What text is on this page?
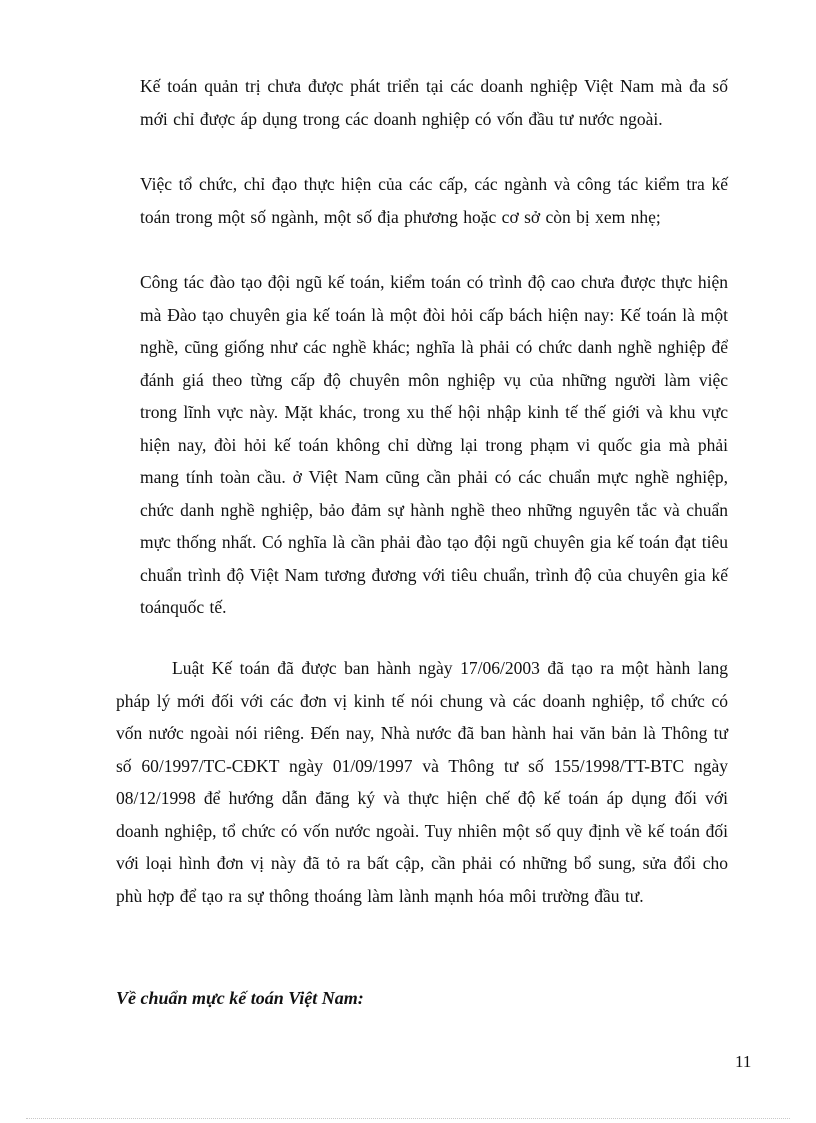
Kế toán quản trị chưa được phát triển tại các doanh nghiệp Việt Nam mà đa số mới chỉ được áp dụng trong các doanh nghiệp có vốn đầu tư nước ngoài.

Việc tổ chức, chỉ đạo thực hiện của các cấp, các ngành và công tác kiểm tra kế toán trong một số ngành, một số địa phương hoặc cơ sở còn bị xem nhẹ;

Công tác đào tạo đội ngũ kế toán, kiểm toán có trình độ cao chưa được thực hiện mà Đào tạo chuyên gia kế toán là một đòi hỏi cấp bách hiện nay: Kế toán là một nghề, cũng giống như các nghề khác; nghĩa là phải có chức danh nghề nghiệp để đánh giá theo từng cấp độ chuyên môn nghiệp vụ của những người làm việc trong lĩnh vực này. Mặt khác, trong xu thế hội nhập kinh tế thế giới và khu vực hiện nay, đòi hỏi kế toán không chỉ dừng lại trong phạm vi quốc gia mà phải mang tính toàn cầu. ở Việt Nam cũng cần phải có các chuẩn mực nghề nghiệp, chức danh nghề nghiệp, bảo đảm sự hành nghề theo những nguyên tắc và chuẩn mực thống nhất. Có nghĩa là cần phải đào tạo đội ngũ chuyên gia kế toán đạt tiêu chuẩn trình độ Việt Nam tương đương với tiêu chuẩn, trình độ của chuyên gia kế toánquốc tế.

Luật Kế toán đã được ban hành ngày 17/06/2003 đã tạo ra một hành lang pháp lý mới đối với các đơn vị kinh tế nói chung và các doanh nghiệp, tổ chức có vốn nước ngoài nói riêng. Đến nay, Nhà nước đã ban hành hai văn bản là Thông tư số 60/1997/TC-CĐKT ngày 01/09/1997 và Thông tư số 155/1998/TT-BTC ngày 08/12/1998 để hướng dẫn đăng ký và thực hiện chế độ kế toán áp dụng đối với doanh nghiệp, tổ chức có vốn nước ngoài. Tuy nhiên một số quy định về kế toán đối với loại hình đơn vị này đã tỏ ra bất cập, cần phải có những bổ sung, sửa đổi cho phù hợp để tạo ra sự thông thoáng làm lành mạnh hóa môi trường đầu tư.

Về chuẩn mực kế toán Việt Nam:

11
